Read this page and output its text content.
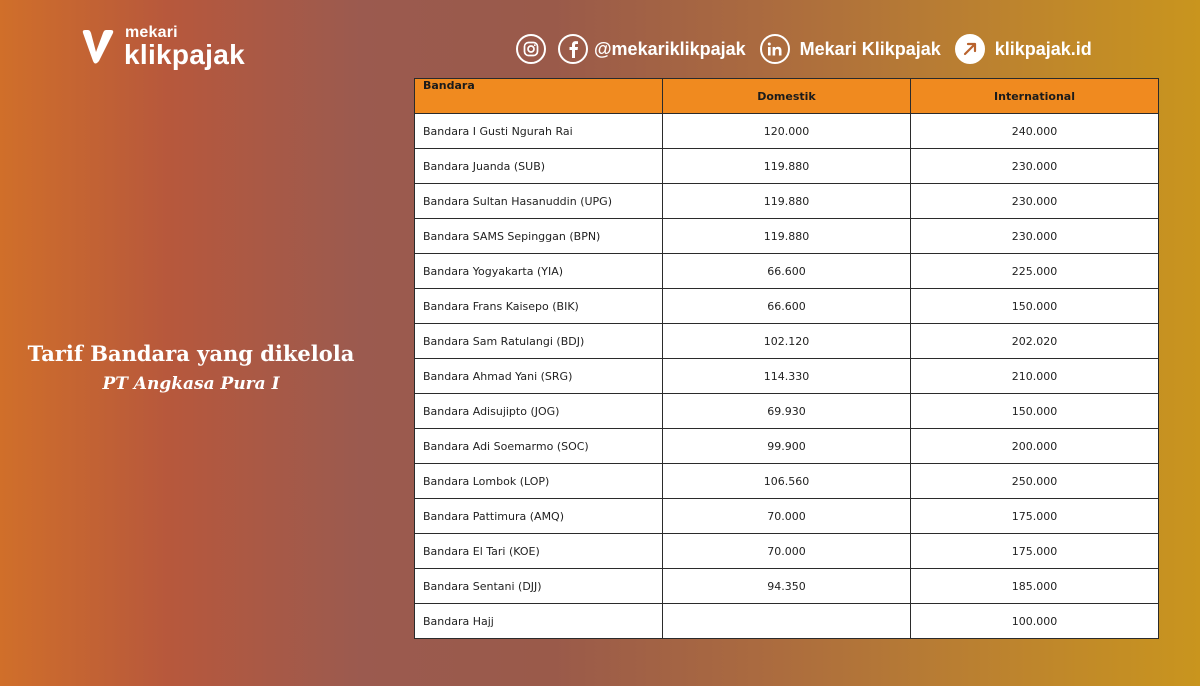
mekari
klikpajak	@mekariklikpajak	Mekari Klikpajak	klikpajak.id
Tarif Bandara yang dikelola
PT Angkasa Pura I
Bandara	Domestik	International
Bandara I Gusti Ngurah Rai	120.000	240.000
Bandara Juanda (SUB)	119.880	230.000
Bandara Sultan Hasanuddin (UPG)	119.880	230.000
Bandara SAMS Sepinggan (BPN)	119.880	230.000
Bandara Yogyakarta (YIA)	66.600	225.000
Bandara Frans Kaisepo (BIK)	66.600	150.000
Bandara Sam Ratulangi (BDJ)	102.120	202.020
Bandara Ahmad Yani (SRG)	114.330	210.000
Bandara Adisujipto (JOG)	69.930	150.000
Bandara Adi Soemarmo (SOC)	99.900	200.000
Bandara Lombok (LOP)	106.560	250.000
Bandara Pattimura (AMQ)	70.000	175.000
Bandara El Tari (KOE)	70.000	175.000
Bandara Sentani (DJJ)	94.350	185.000
Bandara Hajj		100.000
